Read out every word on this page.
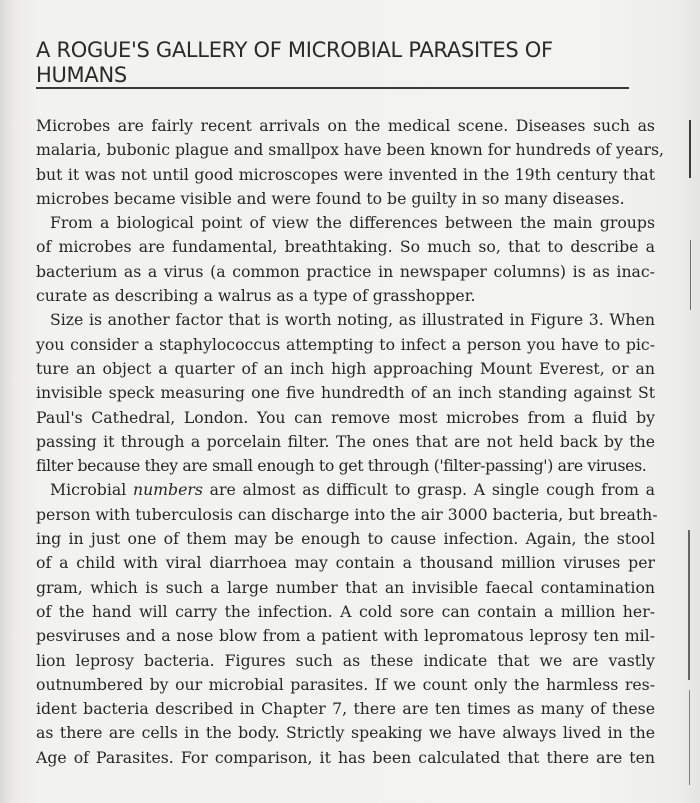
A ROGUE'S GALLERY OF MICROBIAL PARASITES OF
HUMANS
Microbes are fairly recent arrivals on the medical scene. Diseases such as
malaria, bubonic plague and smallpox have been known for hundreds of years,
but it was not until good microscopes were invented in the 19th century that
microbes became visible and were found to be guilty in so many diseases.
From a biological point of view the differences between the main groups
of microbes are fundamental, breathtaking. So much so, that to describe a
bacterium as a virus (a common practice in newspaper columns) is as inac-
curate as describing a walrus as a type of grasshopper.
Size is another factor that is worth noting, as illustrated in Figure 3. When
you consider a staphylococcus attempting to infect a person you have to pic-
ture an object a quarter of an inch high approaching Mount Everest, or an
invisible speck measuring one five hundredth of an inch standing against St
Paul's Cathedral, London. You can remove most microbes from a fluid by
passing it through a porcelain filter. The ones that are not held back by the
filter because they are small enough to get through ('filter-passing') are viruses.
Microbial numbers are almost as difficult to grasp. A single cough from a
person with tuberculosis can discharge into the air 3000 bacteria, but breath-
ing in just one of them may be enough to cause infection. Again, the stool
of a child with viral diarrhoea may contain a thousand million viruses per
gram, which is such a large number that an invisible faecal contamination
of the hand will carry the infection. A cold sore can contain a million her-
pesviruses and a nose blow from a patient with lepromatous leprosy ten mil-
lion leprosy bacteria. Figures such as these indicate that we are vastly
outnumbered by our microbial parasites. If we count only the harmless res-
ident bacteria described in Chapter 7, there are ten times as many of these
as there are cells in the body. Strictly speaking we have always lived in the
Age of Parasites. For comparison, it has been calculated that there are ten
